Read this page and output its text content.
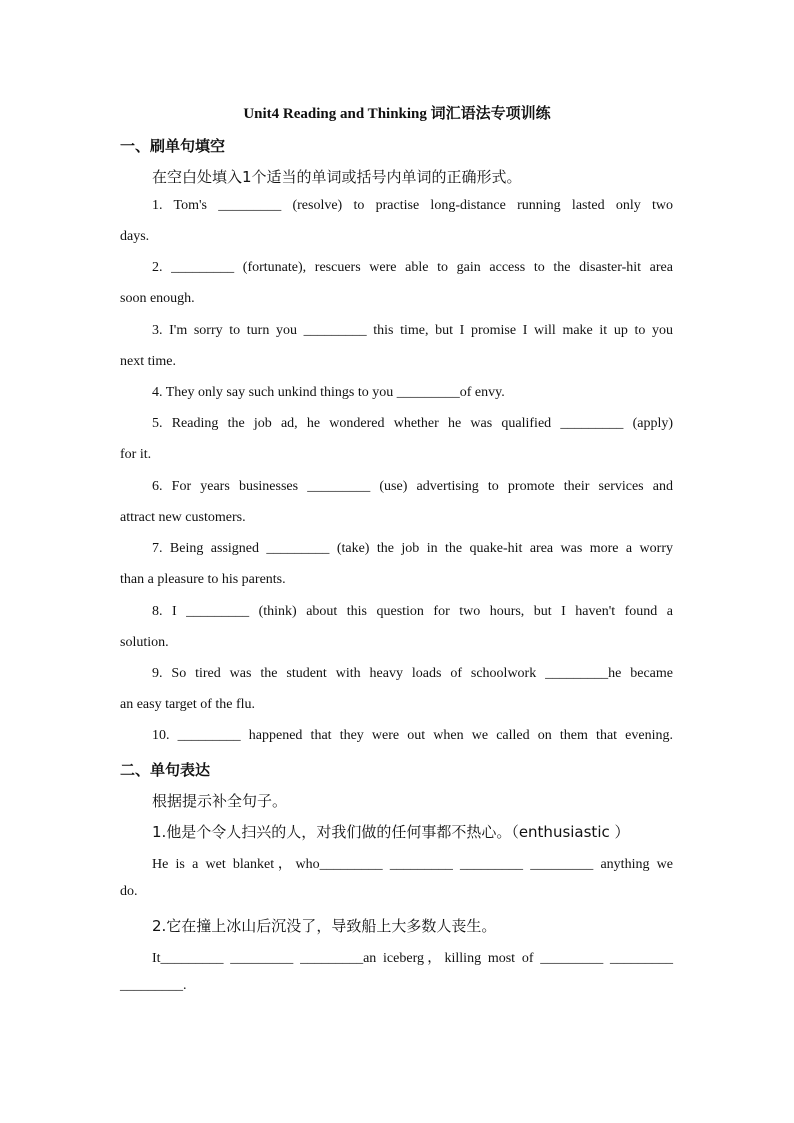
Unit4 Reading and Thinking 词汇语法专项训练
一、刷单句填空
在空白处填入1个适当的单词或括号内单词的正确形式。
1. Tom's _________ (resolve) to practise long-distance running lasted only two
days.
2. _________ (fortunate), rescuers were able to gain access to the disaster-hit area
soon enough.
3. I'm sorry to turn you _________ this time, but I promise I will make it up to you
next time.
4. They only say such unkind things to you _________of envy.
5. Reading the job ad, he wondered whether he was qualified _________ (apply)
for it.
6. For years businesses _________ (use) advertising to promote their services and
attract new customers.
7. Being assigned _________ (take) the job in the quake-hit area was more a worry
than a pleasure to his parents.
8. I _________ (think) about this question for two hours, but I haven't found a
solution.
9. So tired was the student with heavy loads of schoolwork _________he became
an easy target of the flu.
10. _________ happened that they were out when we called on them that evening.
二、单句表达
根据提示补全句子。
1.他是个令人扫兴的人，对我们做的任何事都不热心。（enthusiastic ）
He is a wet blanket，who_________ _________ _________ _________ anything we
do.
2.它在撞上冰山后沉没了，导致船上大多数人丧生。
It_________ _________ _________an iceberg，killing most of _________ _________
_________.
